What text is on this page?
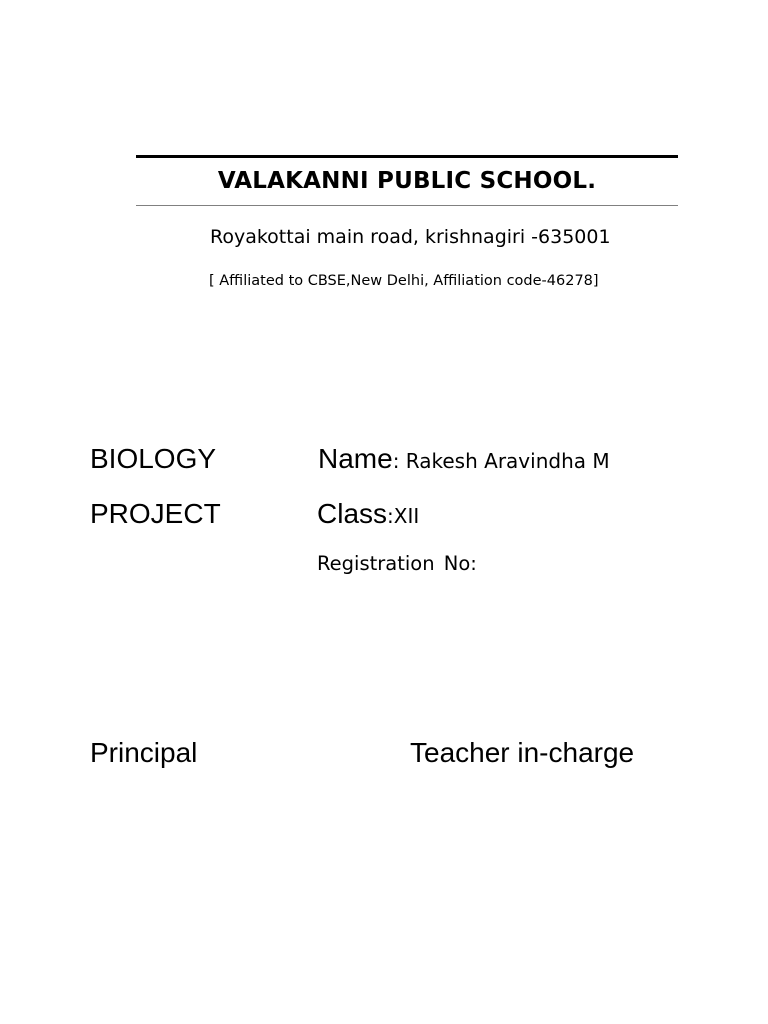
VALAKANNI PUBLIC SCHOOL.
Royakottai main road, krishnagiri -635001
[ Affiliated to CBSE,New Delhi, Affiliation code-46278]
BIOLOGY
PROJECT
Name: Rakesh Aravindha M
Class:XII
Registration No:
Principal	Teacher in-charge
